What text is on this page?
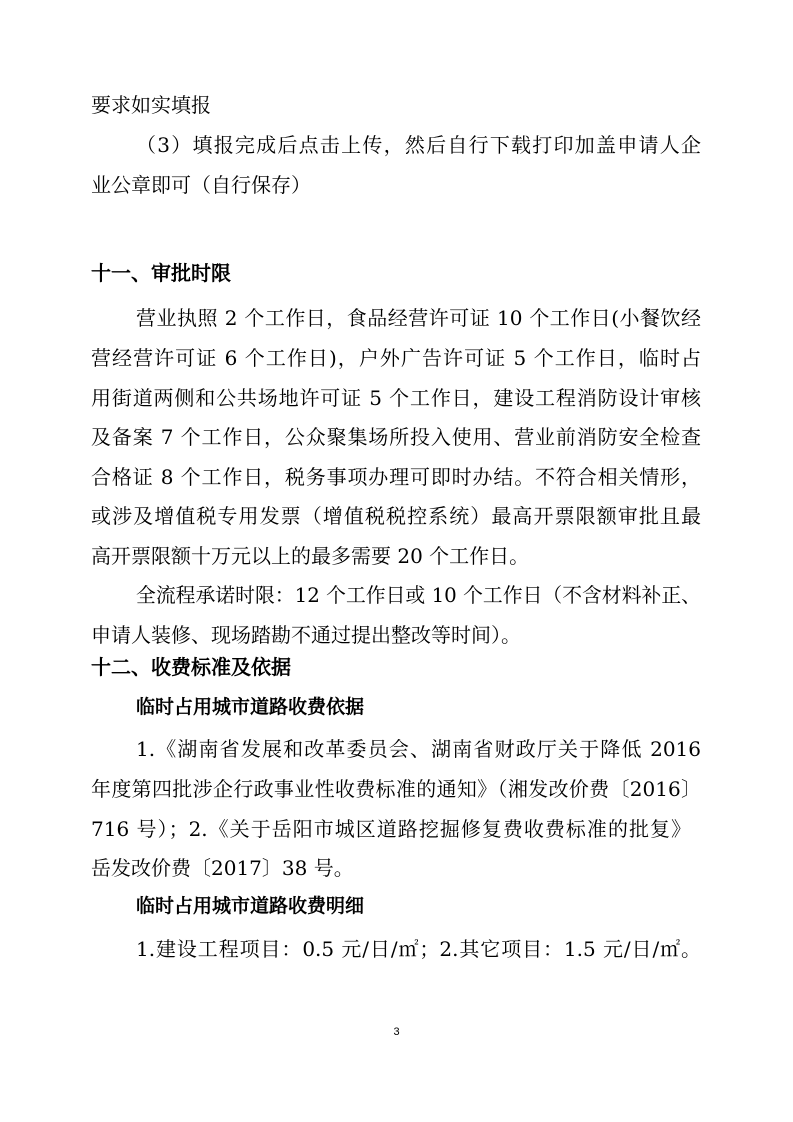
要求如实填报
（3）填报完成后点击上传，然后自行下载打印加盖申请人企
业公章即可（自行保存）
十一、审批时限
营业执照 2 个工作日，食品经营许可证 10 个工作日(小餐饮经
营经营许可证 6 个工作日)，户外广告许可证 5 个工作日，临时占
用街道两侧和公共场地许可证 5 个工作日，建设工程消防设计审核
及备案 7 个工作日，公众聚集场所投入使用、营业前消防安全检查
合格证 8 个工作日，税务事项办理可即时办结。不符合相关情形，
或涉及增值税专用发票（增值税税控系统）最高开票限额审批且最
高开票限额十万元以上的最多需要 20 个工作日。
全流程承诺时限：12 个工作日或 10 个工作日（不含材料补正、
申请人装修、现场踏勘不通过提出整改等时间）。
十二、收费标准及依据
临时占用城市道路收费依据
1.《湖南省发展和改革委员会、湖南省财政厅关于降低 2016
年度第四批涉企行政事业性收费标准的通知》（湘发改价费〔2016〕
716 号）；2.《关于岳阳市城区道路挖掘修复费收费标准的批复》
岳发改价费〔2017〕38 号。
临时占用城市道路收费明细
1.建设工程项目：0.5 元/日/㎡；2.其它项目：1.5 元/日/㎡。
3
